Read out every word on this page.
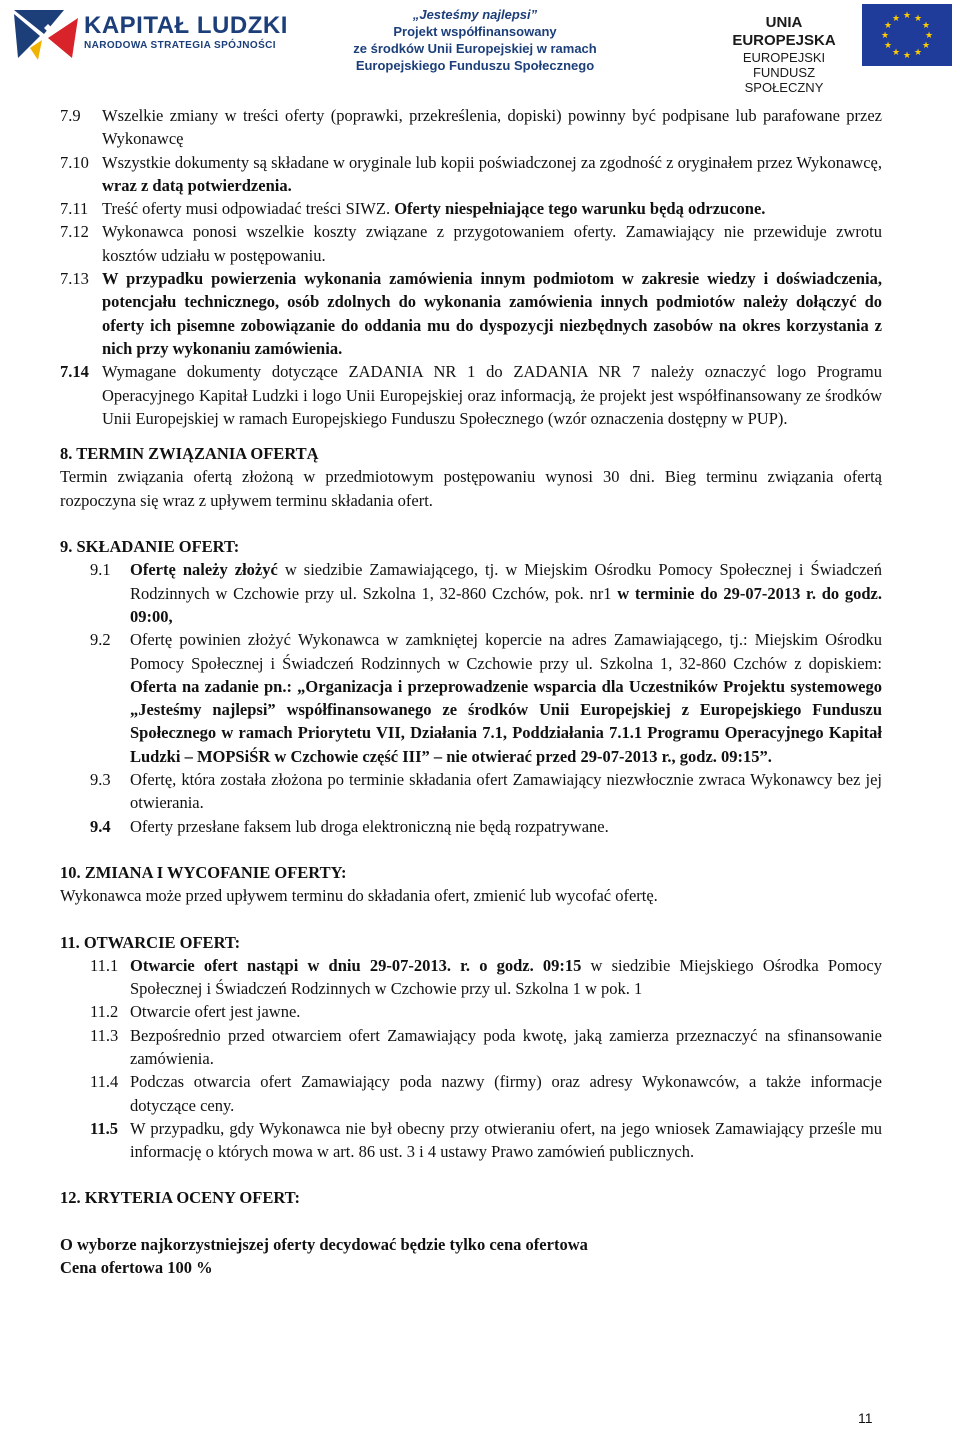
KAPITAŁ LUDZKI
NARODOWA STRATEGIA SPÓJNOŚCI
„Jesteśmy najlepsi”
Projekt współfinansowany
ze środków Unii Europejskiej w ramach
Europejskiego Funduszu Społecznego
UNIA EUROPEJSKA
EUROPEJSKI
FUNDUSZ SPOŁECZNY
★ ★
★
★
★
★
★
★
★
★
★
★
7.9 Wszelkie zmiany w treści oferty (poprawki, przekreślenia, dopiski) powinny być podpisane lub parafowane przez Wykonawcę
7.10 Wszystkie dokumenty są składane w oryginale lub kopii poświadczonej za zgodność z oryginałem przez Wykonawcę, wraz z datą potwierdzenia.
7.11 Treść oferty musi odpowiadać treści SIWZ. Oferty niespełniające tego warunku będą odrzucone.
7.12 Wykonawca ponosi wszelkie koszty związane z przygotowaniem oferty. Zamawiający nie przewiduje zwrotu kosztów udziału w postępowaniu.
7.13 W przypadku powierzenia wykonania zamówienia innym podmiotom w zakresie wiedzy i doświadczenia, potencjału technicznego, osób zdolnych do wykonania zamówienia innych podmiotów należy dołączyć do oferty ich pisemne zobowiązanie do oddania mu do dyspozycji niezbędnych zasobów na okres korzystania z nich przy wykonaniu zamówienia.
7.14 Wymagane dokumenty dotyczące ZADANIA NR 1 do ZADANIA NR 7 należy oznaczyć logo Programu Operacyjnego Kapitał Ludzki i logo Unii Europejskiej oraz informacją, że projekt jest współfinansowany ze środków Unii Europejskiej w ramach Europejskiego Funduszu Społecznego (wzór oznaczenia dostępny w PUP).
8. TERMIN ZWIĄZANIA OFERTĄ
Termin związania ofertą złożoną w przedmiotowym postępowaniu wynosi 30 dni. Bieg terminu związania ofertą rozpoczyna się wraz z upływem terminu składania ofert.
9. SKŁADANIE OFERT:
9.1 Ofertę należy złożyć w siedzibie Zamawiającego, tj. w Miejskim Ośrodku Pomocy Społecznej i Świadczeń Rodzinnych w Czchowie przy ul. Szkolna 1, 32-860 Czchów, pok. nr1 w terminie do 29-07-2013 r. do godz. 09:00,
9.2 Ofertę powinien złożyć Wykonawca w zamkniętej kopercie na adres Zamawiającego, tj.: Miejskim Ośrodku Pomocy Społecznej i Świadczeń Rodzinnych w Czchowie przy ul. Szkolna 1, 32-860 Czchów z dopiskiem: Oferta na zadanie pn.: „Organizacja i przeprowadzenie wsparcia dla Uczestników Projektu systemowego „Jesteśmy najlepsi” współfinansowanego ze środków Unii Europejskiej z Europejskiego Funduszu Społecznego w ramach Priorytetu VII, Działania 7.1, Poddziałania 7.1.1 Programu Operacyjnego Kapitał Ludzki – MOPSiŚR w Czchowie część III” – nie otwierać przed 29-07-2013 r., godz. 09:15”.
9.3 Ofertę, która została złożona po terminie składania ofert Zamawiający niezwłocznie zwraca Wykonawcy bez jej otwierania.
9.4 Oferty przesłane faksem lub droga elektroniczną nie będą rozpatrywane.
10. ZMIANA I WYCOFANIE OFERTY:
Wykonawca może przed upływem terminu do składania ofert, zmienić lub wycofać ofertę.
11. OTWARCIE OFERT:
11.1 Otwarcie ofert nastąpi w dniu 29-07-2013. r. o godz. 09:15 w siedzibie Miejskiego Ośrodka Pomocy Społecznej i Świadczeń Rodzinnych w Czchowie przy ul. Szkolna 1 w pok. 1
11.2 Otwarcie ofert jest jawne.
11.3 Bezpośrednio przed otwarciem ofert Zamawiający poda kwotę, jaką zamierza przeznaczyć na sfinansowanie zamówienia.
11.4 Podczas otwarcia ofert Zamawiający poda nazwy (firmy) oraz adresy Wykonawców, a także informacje dotyczące ceny.
11.5 W przypadku, gdy Wykonawca nie był obecny przy otwieraniu ofert, na jego wniosek Zamawiający prześle mu informację o których mowa w art. 86 ust. 3 i 4 ustawy Prawo zamówień publicznych.
12. KRYTERIA OCENY OFERT:
O wyborze najkorzystniejszej oferty decydować będzie tylko cena ofertowa
Cena ofertowa 100 %
11
